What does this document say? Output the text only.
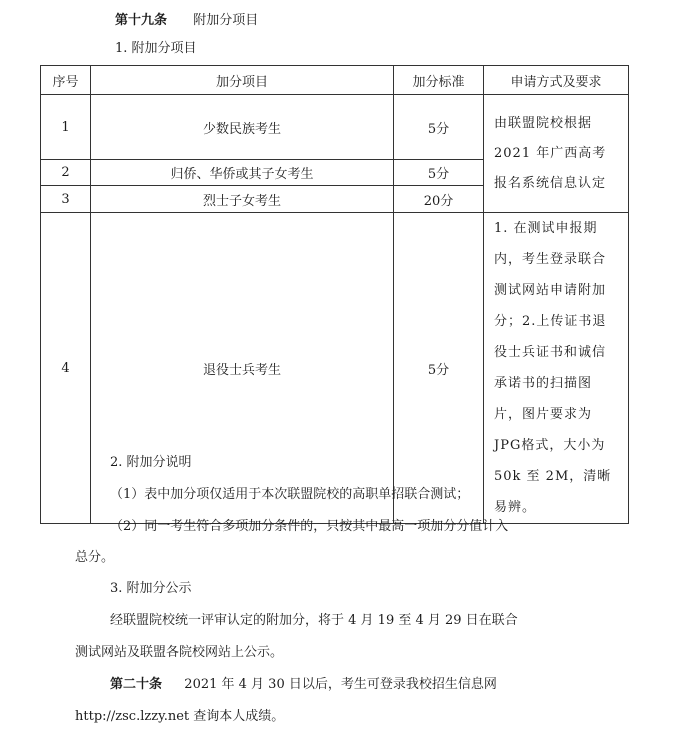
第十九条 附加分项目
1. 附加分项目
序号	加分项目	加分标准	申请方式及要求
1	少数民族考生	5分	由联盟院校根据 2021 年广西高考报名系统信息认定
2	归侨、华侨或其子女考生	5分	
3	烈士子女考生	20分	
4	退役士兵考生	5分	1. 在测试申报期内，考生登录联合测试网站申请附加分；2.上传证书退役士兵证书和诚信承诺书的扫描图片，图片要求为JPG格式，大小为 50k 至 2M，清晰易辨。
2. 附加分说明
（1）表中加分项仅适用于本次联盟院校的高职单招联合测试；
（2）同一考生符合多项加分条件的，只按其中最高一项加分分值计入
总分。
3. 附加分公示
经联盟院校统一评审认定的附加分，将于 4 月 19 至 4 月 29 日在联合
测试网站及联盟各院校网站上公示。
第二十条 2021 年 4 月 30 日以后，考生可登录我校招生信息网
http://zsc.lzzy.net 查询本人成绩。
